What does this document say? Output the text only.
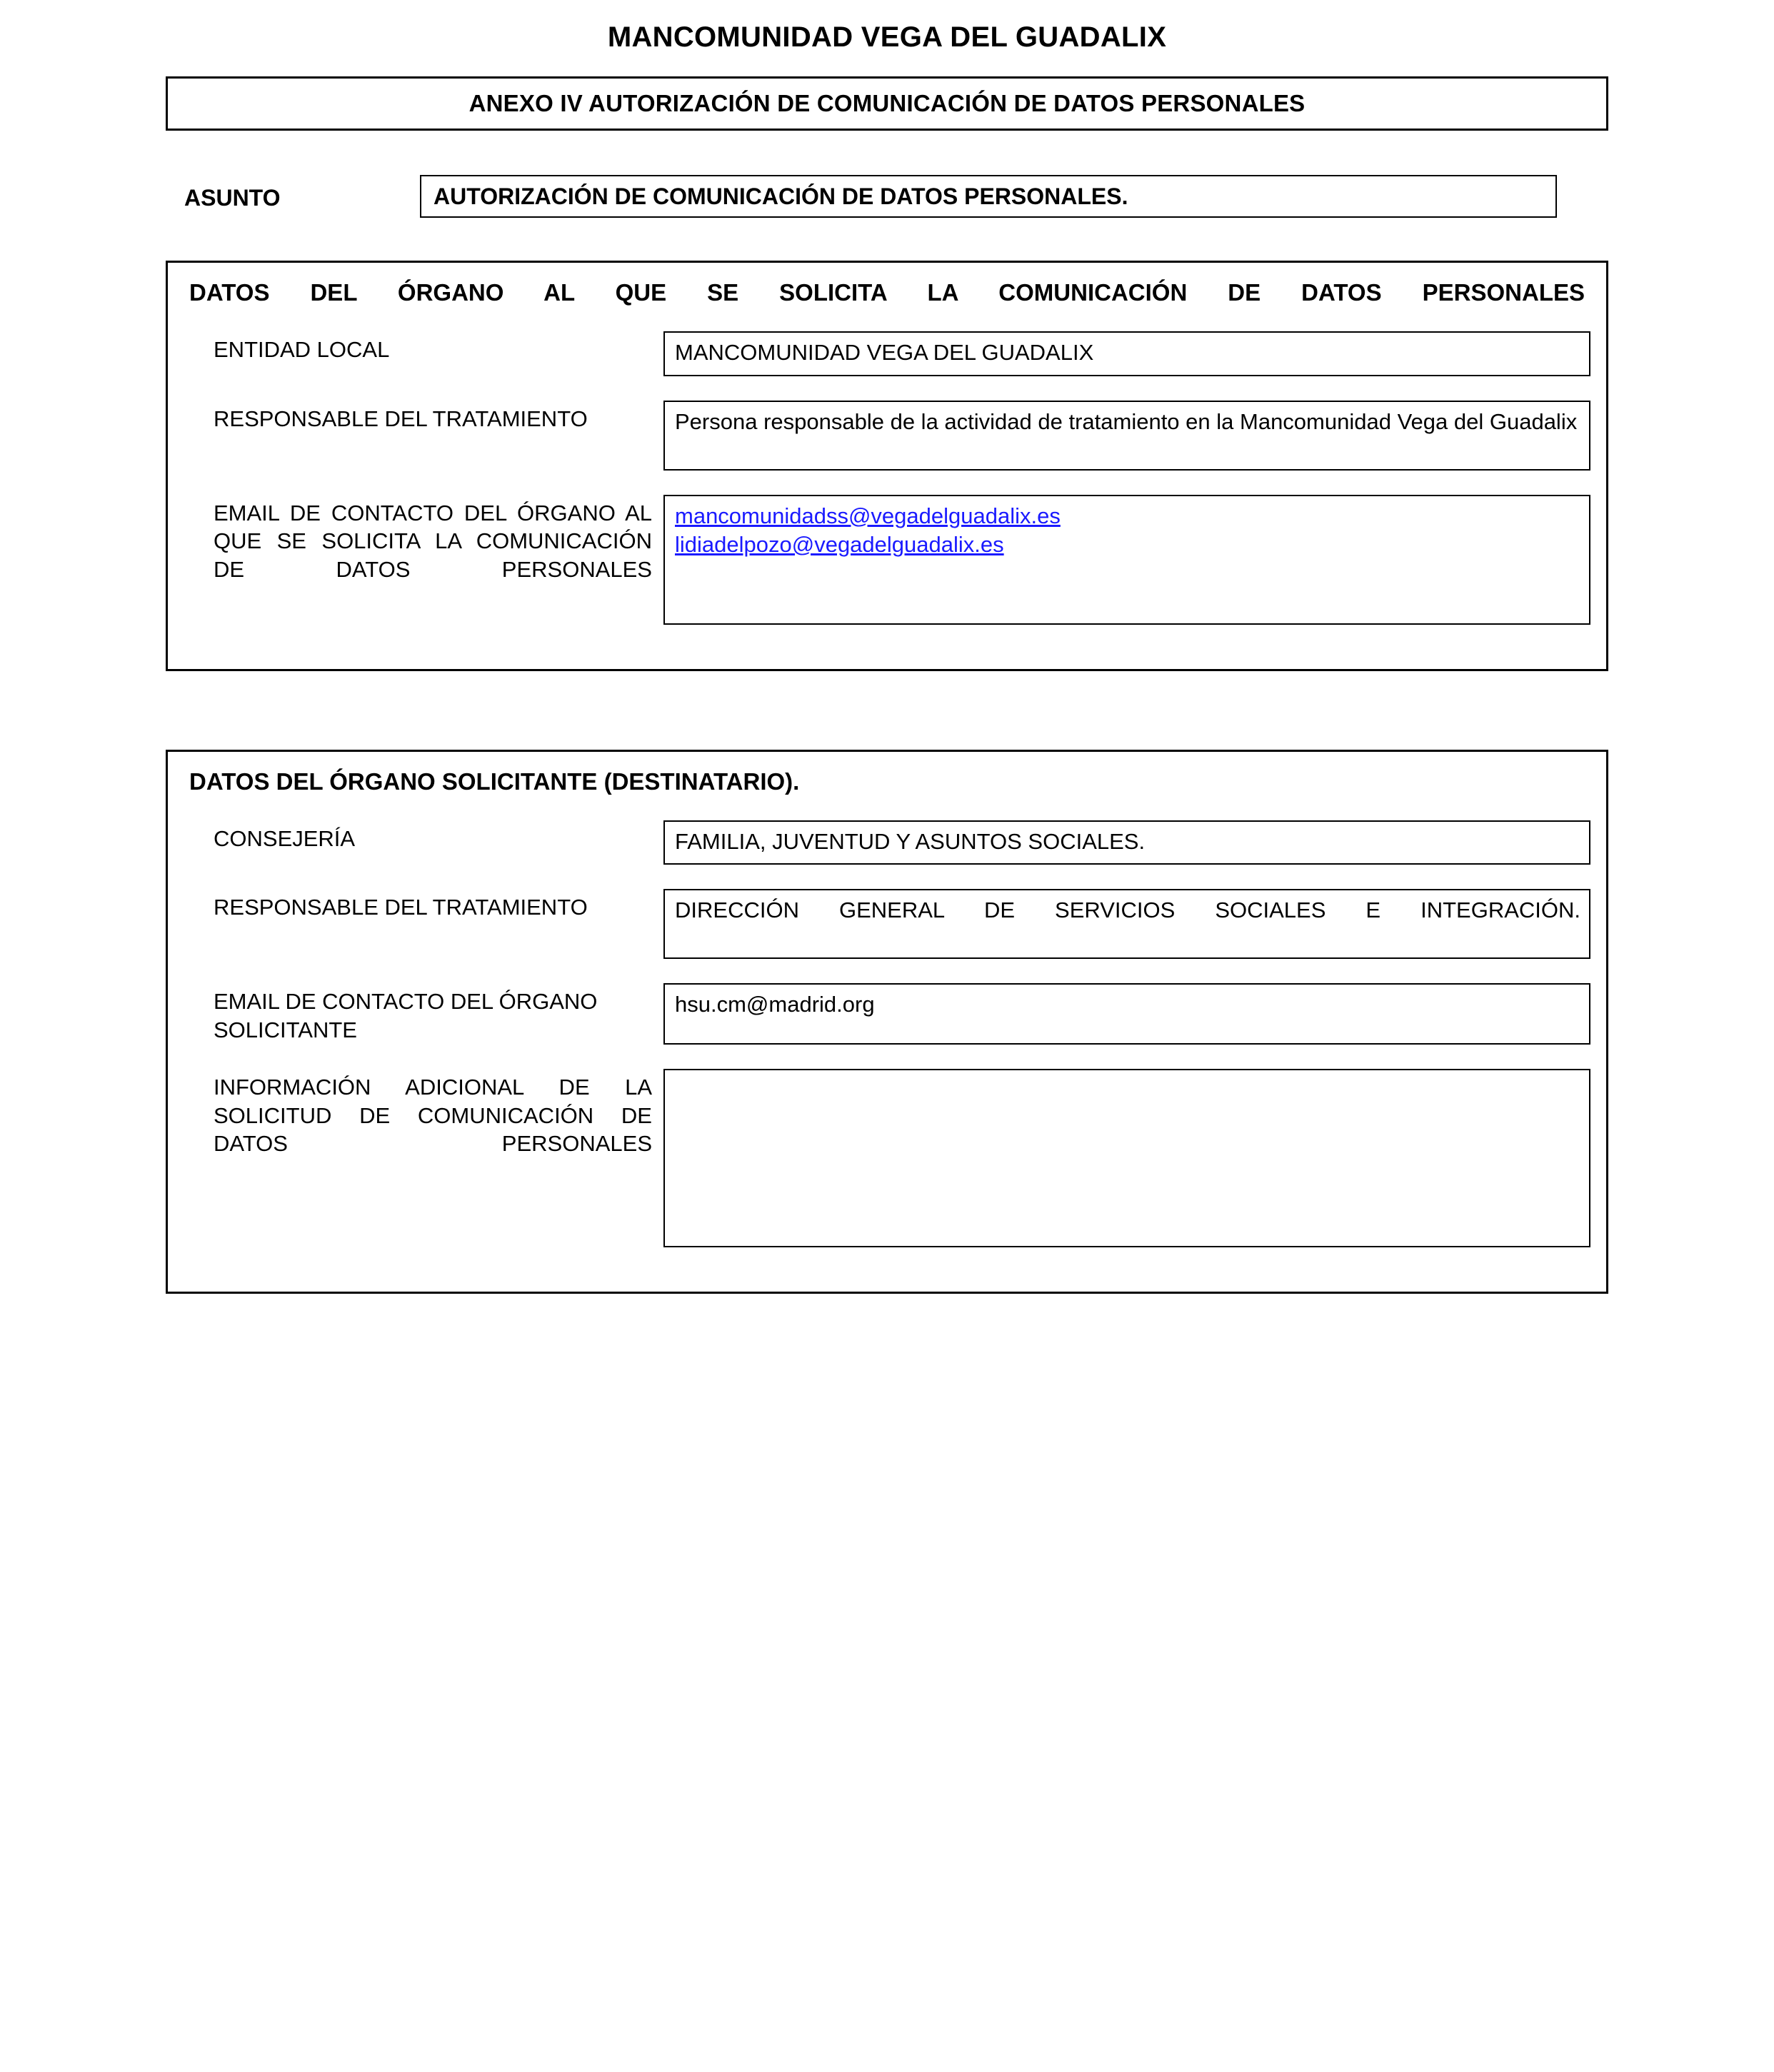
MANCOMUNIDAD VEGA DEL GUADALIX
ANEXO IV AUTORIZACIÓN DE COMUNICACIÓN DE DATOS PERSONALES
ASUNTO	AUTORIZACIÓN DE COMUNICACIÓN DE DATOS PERSONALES.
DATOS DEL ÓRGANO AL QUE SE SOLICITA LA COMUNICACIÓN DE DATOS PERSONALES
ENTIDAD LOCAL	MANCOMUNIDAD VEGA DEL GUADALIX
RESPONSABLE DEL TRATAMIENTO	Persona responsable de la actividad de tratamiento en la Mancomunidad Vega del Guadalix
EMAIL DE CONTACTO DEL ÓRGANO AL QUE SE SOLICITA LA COMUNICACIÓN DE DATOS PERSONALES
mancomunidadss@vegadelguadalix.es
lidiadelpozo@vegadelguadalix.es
DATOS DEL ÓRGANO SOLICITANTE (DESTINATARIO).
CONSEJERÍA	FAMILIA, JUVENTUD Y ASUNTOS SOCIALES.
RESPONSABLE DEL TRATAMIENTO	DIRECCIÓN GENERAL DE SERVICIOS SOCIALES E INTEGRACIÓN.
EMAIL DE CONTACTO DEL ÓRGANO SOLICITANTE
hsu.cm@madrid.org
INFORMACIÓN ADICIONAL DE LA SOLICITUD DE COMUNICACIÓN DE DATOS PERSONALES
